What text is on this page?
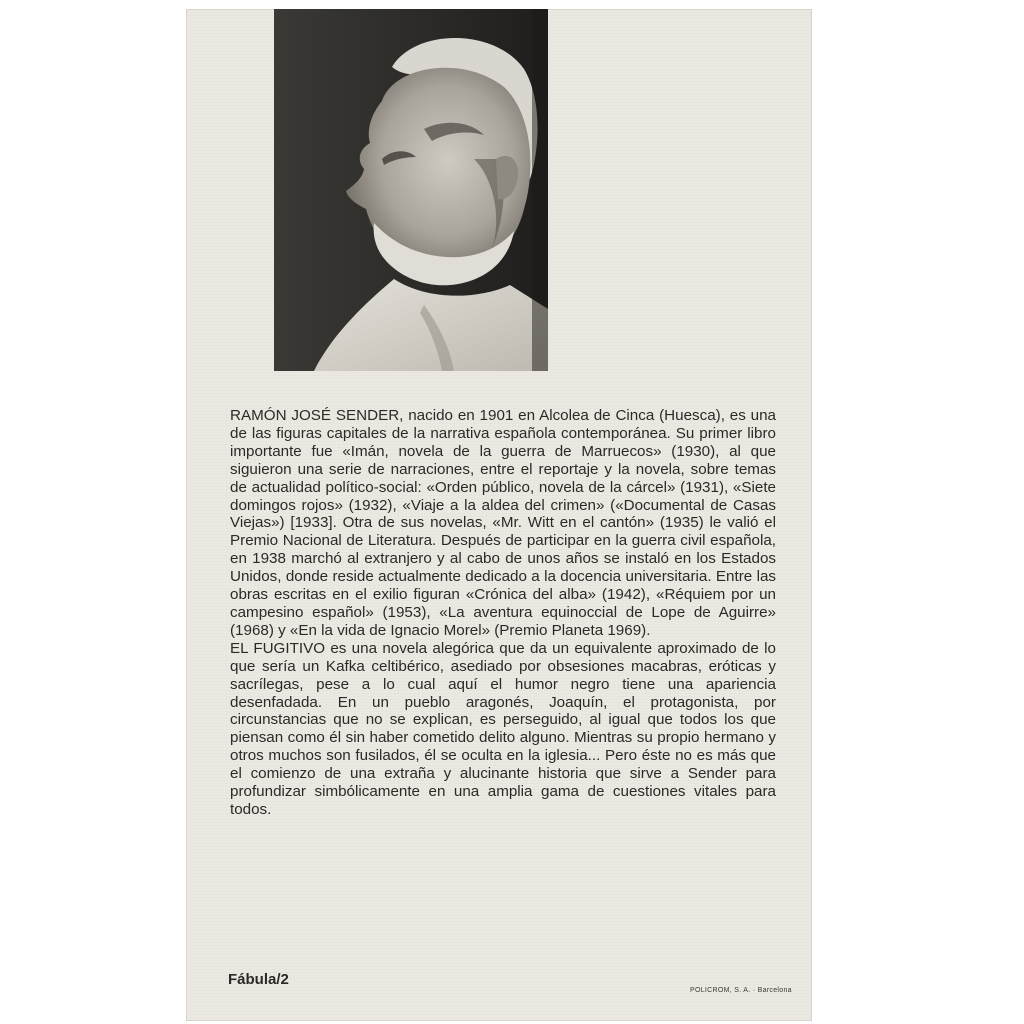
RAMÓN JOSÉ SENDER, nacido en 1901 en Alcolea de Cinca (Huesca), es una de las figuras capitales de la narrativa española contemporánea. Su primer libro importante fue «Imán, novela de la guerra de Marruecos» (1930), al que siguieron una serie de narraciones, entre el reportaje y la novela, sobre temas de actualidad político-social: «Orden público, novela de la cárcel» (1931), «Siete domingos rojos» (1932), «Viaje a la aldea del crimen» («Documental de Casas Viejas») [1933]. Otra de sus novelas, «Mr. Witt en el cantón» (1935) le valió el Premio Nacional de Literatura. Después de participar en la guerra civil española, en 1938 marchó al extranjero y al cabo de unos años se instaló en los Estados Unidos, donde reside actualmente dedicado a la docencia universitaria. Entre las obras escritas en el exilio figuran «Crónica del alba» (1942), «Réquiem por un campesino español» (1953), «La aventura equinoccial de Lope de Aguirre» (1968) y «En la vida de Ignacio Morel» (Premio Planeta 1969).

EL FUGITIVO es una novela alegórica que da un equivalente aproximado de lo que sería un Kafka celtibérico, asediado por obsesiones macabras, eróticas y sacrílegas, pese a lo cual aquí el humor negro tiene una apariencia desenfadada. En un pueblo aragonés, Joaquín, el protagonista, por circunstancias que no se explican, es perseguido, al igual que todos los que piensan como él sin haber cometido delito alguno. Mientras su propio hermano y otros muchos son fusilados, él se oculta en la iglesia... Pero éste no es más que el comienzo de una extraña y alucinante historia que sirve a Sender para profundizar simbólicamente en una amplia gama de cuestiones vitales para todos.

Fábula/2
POLICROM, S. A. · Barcelona
